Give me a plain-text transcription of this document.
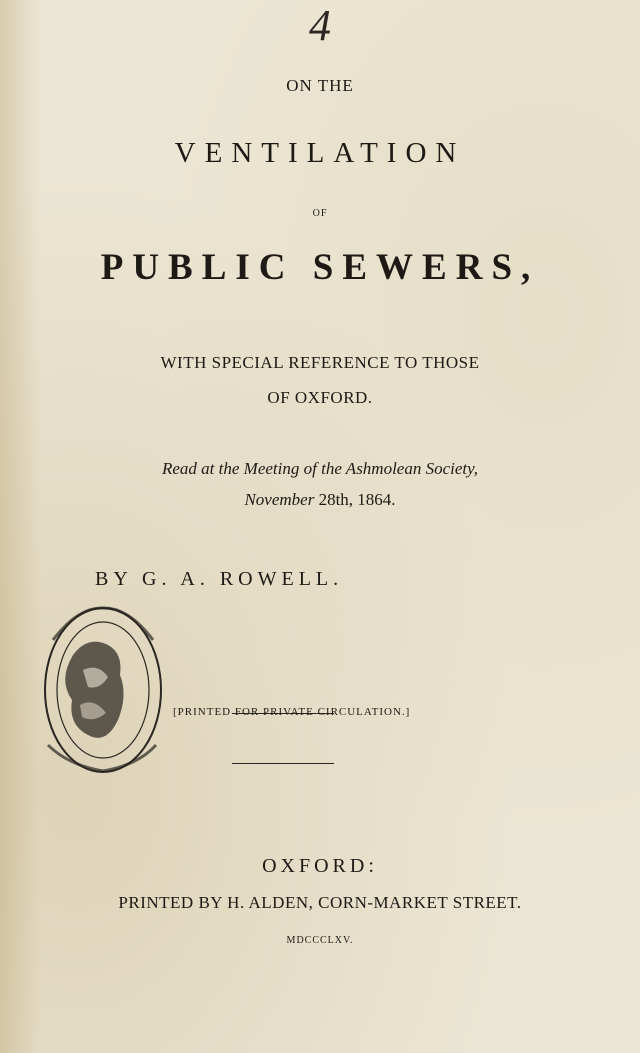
4
ON THE
VENTILATION
OF
PUBLIC SEWERS,
WITH SPECIAL REFERENCE TO THOSE
OF OXFORD.
Read at the Meeting of the Ashmolean Society,
November 28th, 1864.
BY G. A. ROWELL.
[PRINTED FOR PRIVATE CIRCULATION.]
OXFORD:
PRINTED BY H. ALDEN, CORN-MARKET STREET.
MDCCCLXV.
